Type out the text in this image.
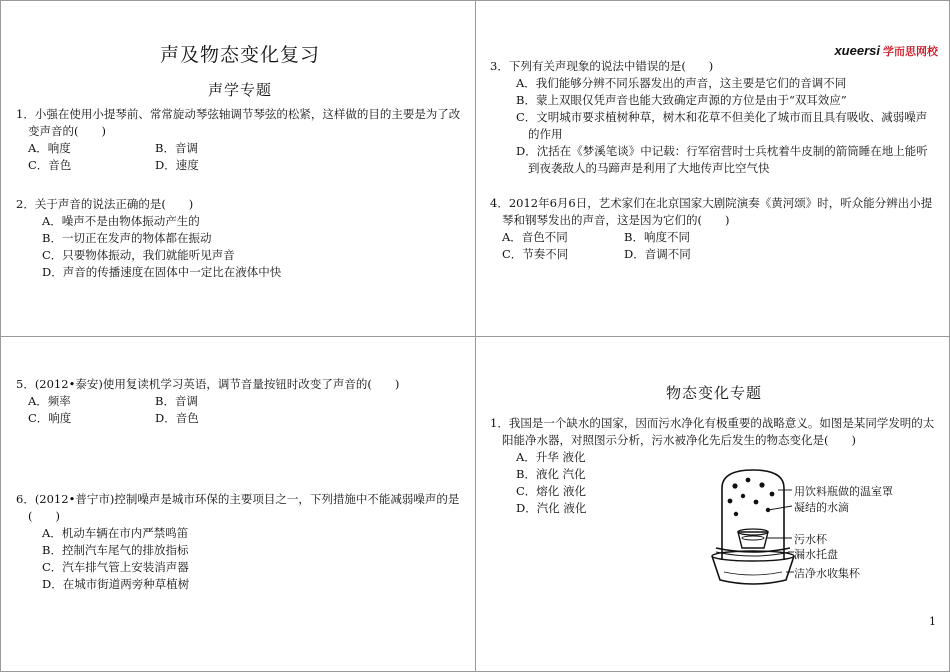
声及物态变化复习
声学专题
1．小强在使用小提琴前、常常旋动琴弦轴调节琴弦的松紧，这样做的目的主要是为了改变声音的(　　)
A．响度	B．音调
C．音色	D．速度
2．关于声音的说法正确的是(　　)
A．噪声不是由物体振动产生的
B．一切正在发声的物体都在振动
C．只要物体振动，我们就能听见声音
D．声音的传播速度在固体中一定比在液体中快
xueersi 学而思网校
3．下列有关声现象的说法中错误的是(　　)
A．我们能够分辨不同乐器发出的声音，这主要是它们的音调不同
B．蒙上双眼仅凭声音也能大致确定声源的方位是由于“双耳效应”
C．文明城市要求植树种草，树木和花草不但美化了城市而且具有吸收、减弱噪声的作用
D．沈括在《梦溪笔谈》中记载：行军宿营时士兵枕着牛皮制的箭筒睡在地上能听到夜袭敌人的马蹄声是利用了大地传声比空气快
4．2012年6月6日，艺术家们在北京国家大剧院演奏《黄河颂》时，听众能分辨出小提琴和钢琴发出的声音，这是因为它们的(　　)
A．音色不同	B．响度不同
C．节奏不同	D．音调不同
5．(2012•泰安)使用复读机学习英语，调节音量按钮时改变了声音的(　　)
A．频率	B．音调
C．响度	D．音色
6．(2012•普宁市)控制噪声是城市环保的主要项目之一，下列措施中不能减弱噪声的是(　　)
A．机动车辆在市内严禁鸣笛
B．控制汽车尾气的排放指标
C．汽车排气管上安装消声器
D．在城市街道两旁种草植树
物态变化专题
1．我国是一个缺水的国家，因而污水净化有极重要的战略意义。如图是某同学发明的太阳能净水器，对照图示分析，污水被净化先后发生的物态变化是(　　)
A．升华 液化
B．液化 汽化
C．熔化 液化
D．汽化 液化
用饮料瓶做的温室罩
凝结的水滴
污水杯
漏水托盘
洁净水收集杯
1
